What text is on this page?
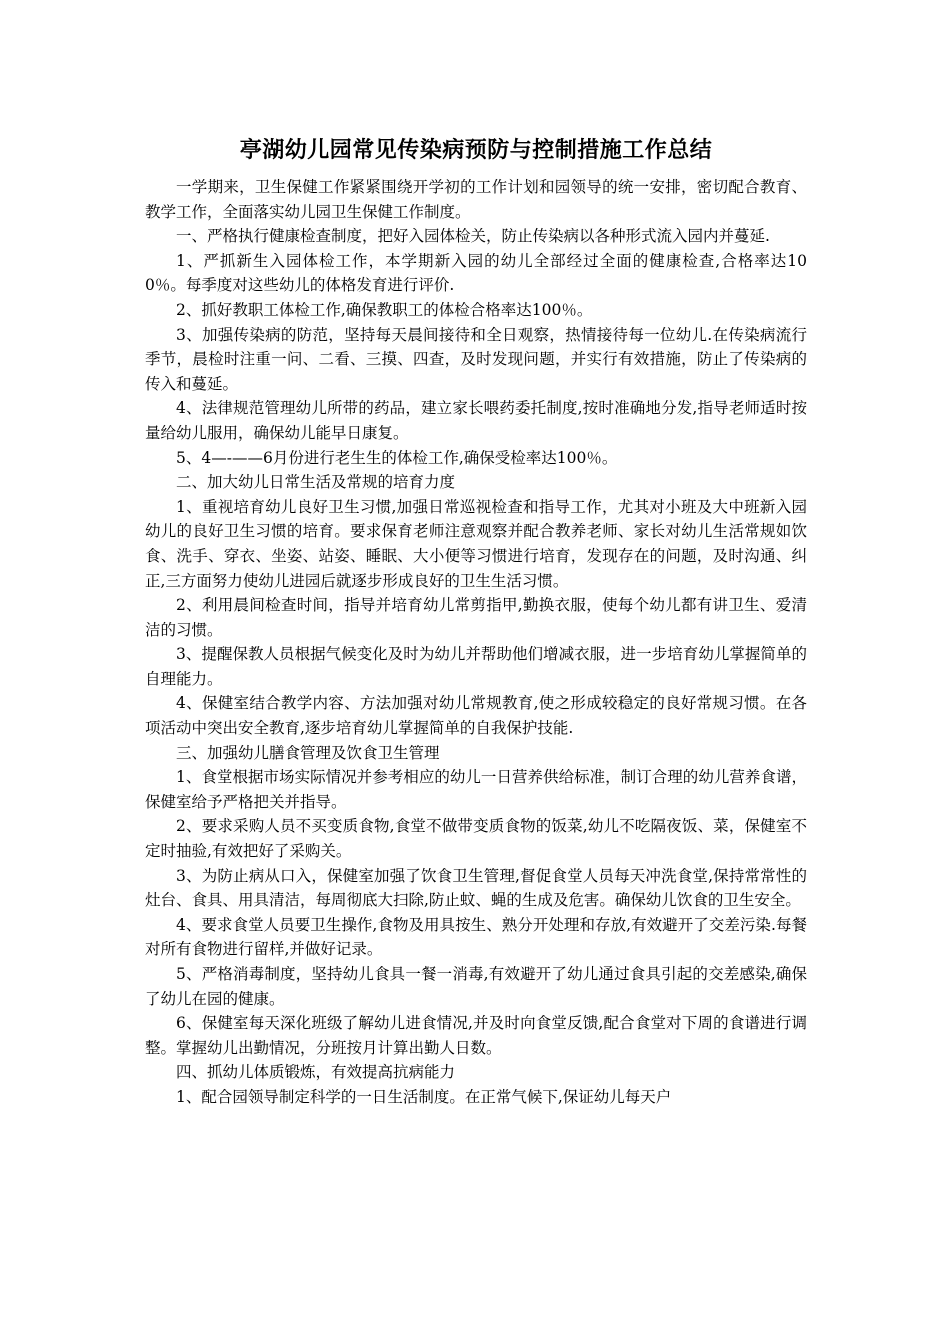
亭湖幼儿园常见传染病预防与控制措施工作总结

一学期来，卫生保健工作紧紧围绕开学初的工作计划和园领导的统一安排，密切配合教育、教学工作，全面落实幼儿园卫生保健工作制度。

一、严格执行健康检查制度，把好入园体检关，防止传染病以各种形式流入园内并蔓延.

1、严抓新生入园体检工作，本学期新入园的幼儿全部经过全面的健康检查,合格率达100％。每季度对这些幼儿的体格发育进行评价.

2、抓好教职工体检工作,确保教职工的体检合格率达100％。

3、加强传染病的防范，坚持每天晨间接待和全日观察，热情接待每一位幼儿.在传染病流行季节，晨检时注重一问、二看、三摸、四查，及时发现问题，并实行有效措施，防止了传染病的传入和蔓延。

4、法律规范管理幼儿所带的药品，建立家长喂药委托制度,按时准确地分发,指导老师适时按量给幼儿服用，确保幼儿能早日康复。

5、4—-——6月份进行老生生的体检工作,确保受检率达100％。

二、加大幼儿日常生活及常规的培育力度

1、重视培育幼儿良好卫生习惯,加强日常巡视检查和指导工作，尤其对小班及大中班新入园幼儿的良好卫生习惯的培育。要求保育老师注意观察并配合教养老师、家长对幼儿生活常规如饮食、洗手、穿衣、坐姿、站姿、睡眠、大小便等习惯进行培育，发现存在的问题，及时沟通、纠正,三方面努力使幼儿进园后就逐步形成良好的卫生生活习惯。

2、利用晨间检查时间，指导并培育幼儿常剪指甲,勤换衣服，使每个幼儿都有讲卫生、爱清洁的习惯。

3、提醒保教人员根据气候变化及时为幼儿并帮助他们增减衣服，进一步培育幼儿掌握简单的自理能力。

4、保健室结合教学内容、方法加强对幼儿常规教育,使之形成较稳定的良好常规习惯。在各项活动中突出安全教育,逐步培育幼儿掌握简单的自我保护技能.

三、加强幼儿膳食管理及饮食卫生管理

1、食堂根据市场实际情况并参考相应的幼儿一日营养供给标准，制订合理的幼儿营养食谱，保健室给予严格把关并指导。

2、要求采购人员不买变质食物,食堂不做带变质食物的饭菜,幼儿不吃隔夜饭、菜，保健室不定时抽验,有效把好了采购关。

3、为防止病从口入，保健室加强了饮食卫生管理,督促食堂人员每天冲洗食堂,保持常常性的灶台、食具、用具清洁，每周彻底大扫除,防止蚊、蝇的生成及危害。确保幼儿饮食的卫生安全。

4、要求食堂人员要卫生操作,食物及用具按生、熟分开处理和存放,有效避开了交差污染.每餐对所有食物进行留样,并做好记录。

5、严格消毒制度，坚持幼儿食具一餐一消毒,有效避开了幼儿通过食具引起的交差感染,确保了幼儿在园的健康。

6、保健室每天深化班级了解幼儿进食情况,并及时向食堂反馈,配合食堂对下周的食谱进行调整。掌握幼儿出勤情况，分班按月计算出勤人日数。

四、抓幼儿体质锻炼，有效提高抗病能力

1、配合园领导制定科学的一日生活制度。在正常气候下,保证幼儿每天户
